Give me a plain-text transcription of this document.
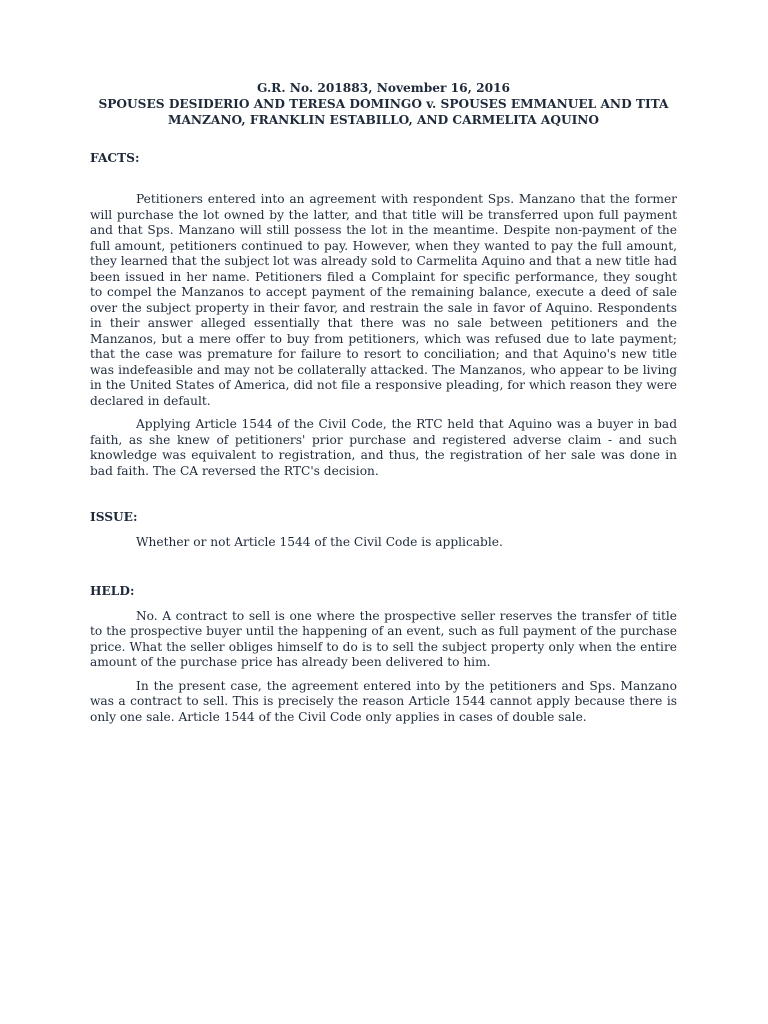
G.R. No. 201883, November 16, 2016
SPOUSES DESIDERIO AND TERESA DOMINGO v. SPOUSES EMMANUEL AND TITA
MANZANO, FRANKLIN ESTABILLO, AND CARMELITA AQUINO

FACTS:

Petitioners entered into an agreement with respondent Sps. Manzano that the former will purchase the lot owned by the latter, and that title will be transferred upon full payment and that Sps. Manzano will still possess the lot in the meantime. Despite non-payment of the full amount, petitioners continued to pay. However, when they wanted to pay the full amount, they learned that the subject lot was already sold to Carmelita Aquino and that a new title had been issued in her name. Petitioners filed a Complaint for specific performance, they sought to compel the Manzanos to accept payment of the remaining balance, execute a deed of sale over the subject property in their favor, and restrain the sale in favor of Aquino. Respondents in their answer alleged essentially that there was no sale between petitioners and the Manzanos, but a mere offer to buy from petitioners, which was refused due to late payment; that the case was premature for failure to resort to conciliation; and that Aquino's new title was indefeasible and may not be collaterally attacked. The Manzanos, who appear to be living in the United States of America, did not file a responsive pleading, for which reason they were declared in default.

Applying Article 1544 of the Civil Code, the RTC held that Aquino was a buyer in bad faith, as she knew of petitioners' prior purchase and registered adverse claim - and such knowledge was equivalent to registration, and thus, the registration of her sale was done in bad faith. The CA reversed the RTC's decision.

ISSUE:

Whether or not Article 1544 of the Civil Code is applicable.

HELD:

No. A contract to sell is one where the prospective seller reserves the transfer of title to the prospective buyer until the happening of an event, such as full payment of the purchase price. What the seller obliges himself to do is to sell the subject property only when the entire amount of the purchase price has already been delivered to him.

In the present case, the agreement entered into by the petitioners and Sps. Manzano was a contract to sell. This is precisely the reason Article 1544 cannot apply because there is only one sale. Article 1544 of the Civil Code only applies in cases of double sale.
